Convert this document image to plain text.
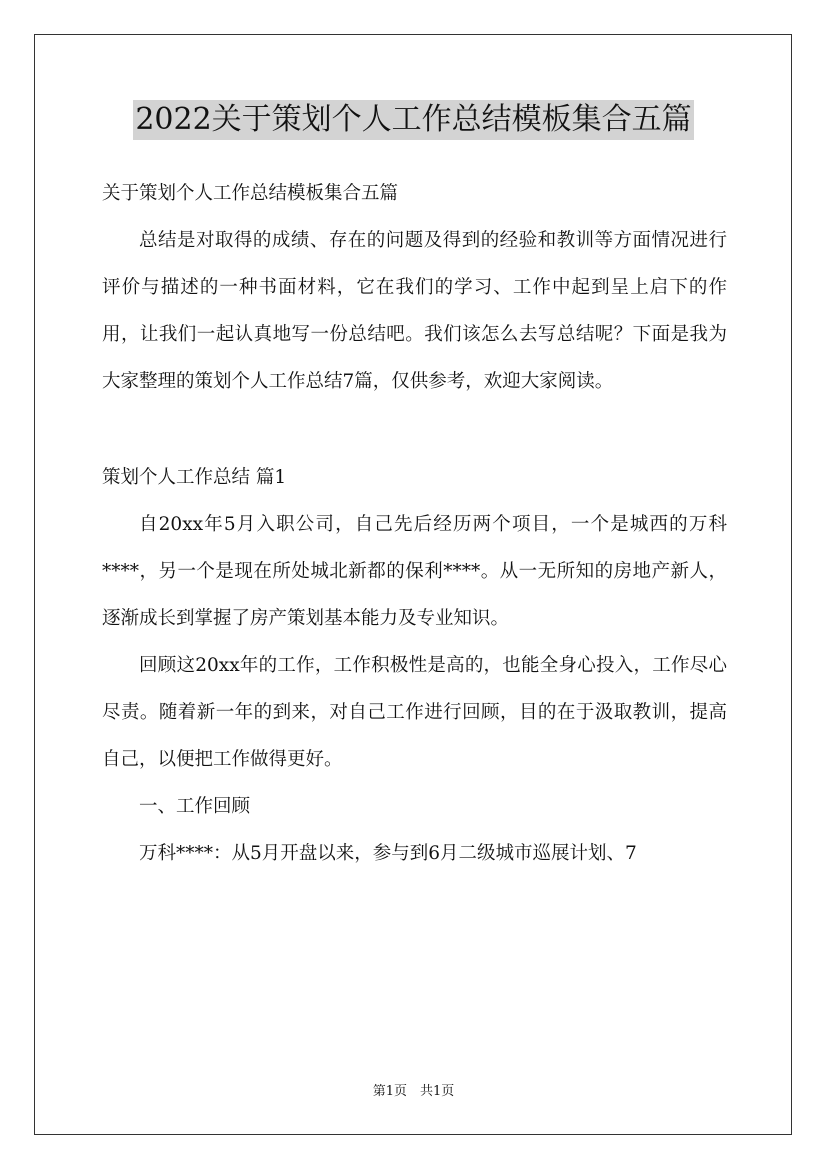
2022关于策划个人工作总结模板集合五篇

关于策划个人工作总结模板集合五篇

总结是对取得的成绩、存在的问题及得到的经验和教训等方面情况进行评价与描述的一种书面材料，它在我们的学习、工作中起到呈上启下的作用，让我们一起认真地写一份总结吧。我们该怎么去写总结呢？下面是我为大家整理的策划个人工作总结7篇，仅供参考，欢迎大家阅读。

策划个人工作总结 篇1

自20xx年5月入职公司，自己先后经历两个项目，一个是城西的万科****，另一个是现在所处城北新都的保利****。从一无所知的房地产新人，逐渐成长到掌握了房产策划基本能力及专业知识。

回顾这20xx年的工作，工作积极性是高的，也能全身心投入，工作尽心尽责。随着新一年的到来，对自己工作进行回顾，目的在于汲取教训，提高自己，以便把工作做得更好。

一、工作回顾

万科****：从5月开盘以来，参与到6月二级城市巡展计划、7

第1页　共1页
